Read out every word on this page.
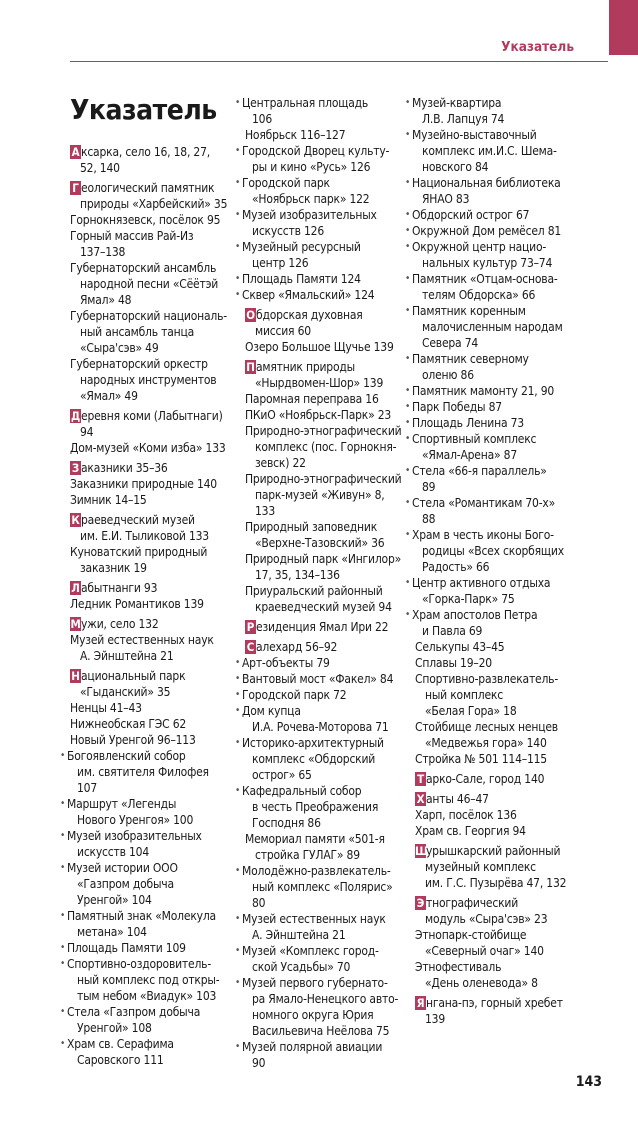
Указатель
Указатель
А ксарка, село 16, 18, 27,
52, 140
Г еологический памятник
природы «Харбейский» 35
Горнокнязевск, посёлок 95
Горный массив Рай-Из
137–138
Губернаторский ансамбль
народной песни «Сёётэй
Ямал» 48
Губернаторский националь-
ный ансамбль танца
«Сыра'сэв» 49
Губернаторский оркестр
народных инструментов
«Ямал» 49
Деревня коми (Лабытнаги)
94
Дом-музей «Коми изба» 133
З аказники 35–36
Заказники природные 140
Зимник 14–15
Краеведческий музей
им. Е.И. Тыликовой 133
Куноватский природный
заказник 19
Лабытнанги 93
Ледник Романтиков 139
Мужи, село 132
Музей естественных наук
А. Эйнштейна 21
Национальный парк
«Гыданский» 35
Ненцы 41–43
Нижнеобская ГЭС 62
Новый Уренгой 96–113
• Богоявленский собор
им. святителя Филофея
107
• Маршрут «Легенды
Нового Уренгоя» 100
• Музей изобразительных
искусств 104
• Музей истории ООО
«Газпром добыча
Уренгой» 104
• Памятный знак «Молекула
метана» 104
• Площадь Памяти 109
• Спортивно-оздоровитель-
ный комплекс под откры-
тым небом «Виадук» 103
• Стела «Газпром добыча
Уренгой» 108
• Храм св. Серафима
Саровского 111
• Центральная площадь
106
Ноябрьск 116–127
• Городской Дворец культу-
ры и кино «Русь» 126
• Городской парк
«Ноябрьск парк» 122
• Музей изобразительных
искусств 126
• Музейный ресурсный
центр 126
• Площадь Памяти 124
• Сквер «Ямальский» 124
Обдорская духовная
миссия 60
Озеро Большое Щучье 139
Памятник природы
«Нырдвомен-Шор» 139
Паромная переправа 16
ПКиО «Ноябрьск-Парк» 23
Природно-этнографический
комплекс (пос. Горнокня-
зевск) 22
Природно-этнографический
парк-музей «Живун» 8,
133
Природный заповедник
«Верхне-Тазовский» 36
Природный парк «Ингилор»
17, 35, 134–136
Приуральский районный
краеведческий музей 94
Р езиденция Ямал Ири 22
С алехард 56–92
• Арт-объекты 79
• Вантовый мост «Факел» 84
• Городской парк 72
• Дом купца
И.А. Рочева-Моторова 71
• Историко-архитектурный
комплекс «Обдорский
острог» 65
• Кафедральный собор
в честь Преображения
Господня 86
Мемориал памяти «501-я
стройка ГУЛАГ» 89
• Молодёжно-развлекатель-
ный комплекс «Полярис»
80
• Музей естественных наук
А. Эйнштейна 21
• Музей «Комплекс город-
ской Усадьбы» 70
• Музей первого губернато-
ра Ямало-Ненецкого авто-
номного округа Юрия
Васильевича Неёлова 75
• Музей полярной авиации
90
• Музей-квартира
Л.В. Лапцуя 74
• Музейно-выставочный
комплекс им.И.С. Шема-
новского 84
• Национальная библиотека
ЯНАО 83
• Обдорский острог 67
• Окружной Дом ремёсел 81
• Окружной центр нацио-
нальных культур 73–74
• Памятник «Отцам-основа-
телям Обдорска» 66
• Памятник коренным
малочисленным народам
Севера 74
• Памятник северному
оленю 86
• Памятник мамонту 21, 90
• Парк Победы 87
• Площадь Ленина 73
• Спортивный комплекс
«Ямал-Арена» 87
• Стела «66-я параллель»
89
• Стела «Романтикам 70-х»
88
• Храм в честь иконы Бого-
родицы «Всех скорбящих
Радость» 66
• Центр активного отдыха
«Горка-Парк» 75
• Храм апостолов Петра
и Павла 69
Селькупы 43–45
Сплавы 19–20
Спортивно-развлекатель-
ный комплекс
«Белая Гора» 18
Стойбище лесных ненцев
«Медвежья гора» 140
Стройка № 501 114–115
Т арко-Сале, город 140
Х анты 46–47
Харп, посёлок 136
Храм св. Георгия 94
Шурышкарский районный
музейный комплекс
им. Г.С. Пузырёва 47, 132
Э тнографический
модуль «Сыра'сэв» 23
Этнопарк-стойбище
«Северный очаг» 140
Этнофестиваль
«День оленевода» 8
Я нгана-пэ, горный хребет
139
143
